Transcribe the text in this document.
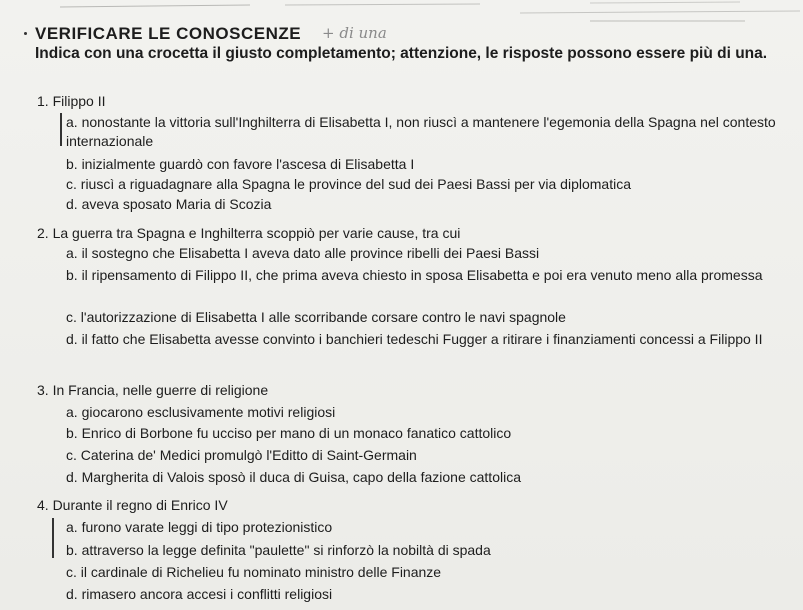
VERIFICARE LE CONOSCENZE + di una
Indica con una crocetta il giusto completamento; attenzione, le risposte possono essere più di una.
1. Filippo II
a. nonostante la vittoria sull'Inghilterra di Elisabetta I, non riuscì a mantenere l'egemonia della Spagna nel contesto internazionale
b. inizialmente guardò con favore l'ascesa di Elisabetta I
c. riuscì a riguadagnare alla Spagna le province del sud dei Paesi Bassi per via diplomatica
d. aveva sposato Maria di Scozia
2. La guerra tra Spagna e Inghilterra scoppiò per varie cause, tra cui
a. il sostegno che Elisabetta I aveva dato alle province ribelli dei Paesi Bassi
b. il ripensamento di Filippo II, che prima aveva chiesto in sposa Elisabetta e poi era venuto meno alla promessa
c. l'autorizzazione di Elisabetta I alle scorribande corsare contro le navi spagnole
d. il fatto che Elisabetta avesse convinto i banchieri tedeschi Fugger a ritirare i finanziamenti concessi a Filippo II
3. In Francia, nelle guerre di religione
a. giocarono esclusivamente motivi religiosi
b. Enrico di Borbone fu ucciso per mano di un monaco fanatico cattolico
c. Caterina de' Medici promulgò l'Editto di Saint-Germain
d. Margherita di Valois sposò il duca di Guisa, capo della fazione cattolica
4. Durante il regno di Enrico IV
a. furono varate leggi di tipo protezionistico
b. attraverso la legge definita "paulette" si rinforzò la nobiltà di spada
c. il cardinale di Richelieu fu nominato ministro delle Finanze
d. rimasero ancora accesi i conflitti religiosi
